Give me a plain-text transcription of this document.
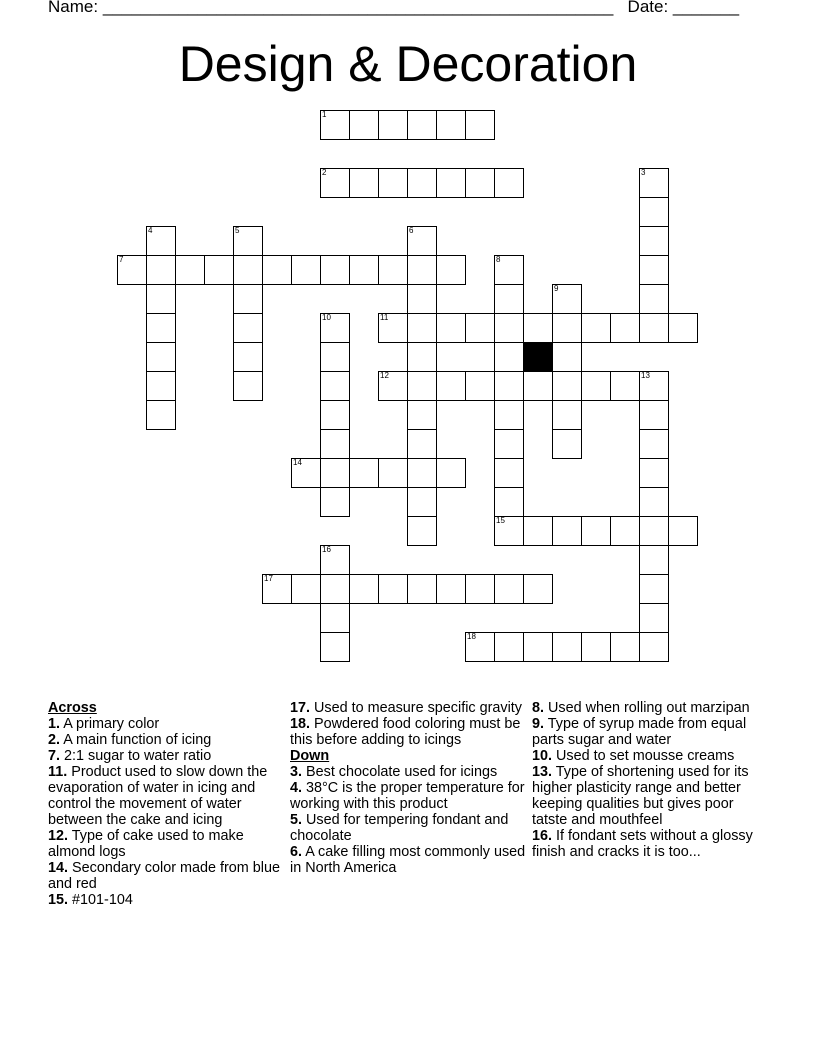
Name: ______________________________________________________ Date: _______
Design & Decoration
1
2	3
4	5	6
7	8
9
10	11
12	13
14
15
16
17
18
Across
1. A primary color
2. A main function of icing
7. 2:1 sugar to water ratio
11. Product used to slow down the evaporation of water in icing and control the movement of water between the cake and icing
12. Type of cake used to make almond logs
14. Secondary color made from blue and red
15. #101-104
17. Used to measure specific gravity
18. Powdered food coloring must be this before adding to icings
Down
3. Best chocolate used for icings
4. 38°C is the proper temperature for working with this product
5. Used for tempering fondant and chocolate
6. A cake filling most commonly used in North America
8. Used when rolling out marzipan
9. Type of syrup made from equal parts sugar and water
10. Used to set mousse creams
13. Type of shortening used for its higher plasticity range and better keeping qualities but gives poor tatste and mouthfeel
16. If fondant sets without a glossy finish and cracks it is too...
